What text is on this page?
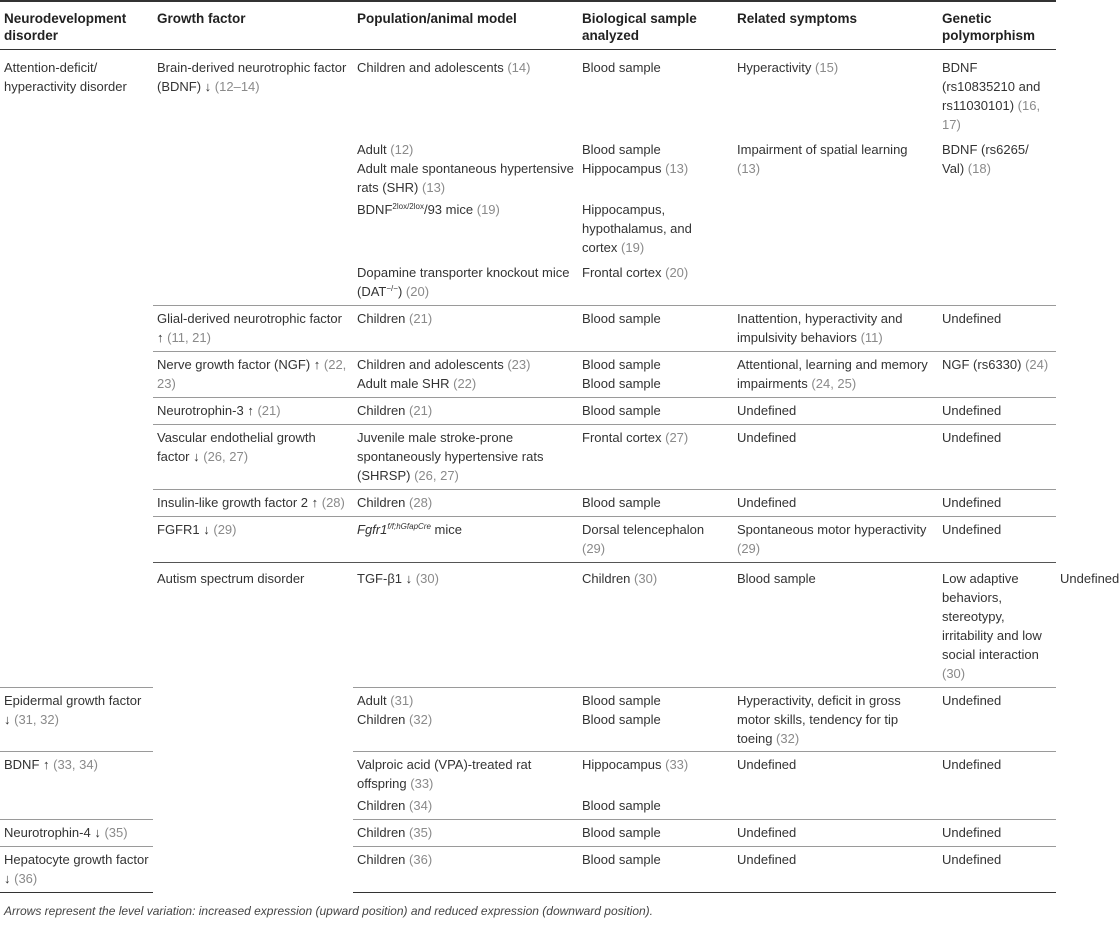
Neurodevelopment disorder	Growth factor	Population/animal model	Biological sample analyzed	Related symptoms	Genetic polymorphism	
Attention-deficit/ hyperactivity disorder	Brain-derived neurotrophic factor (BDNF) ↓ (12–14)	Children and adolescents (14)	Blood sample	Hyperactivity (15)	BDNF (rs10835210 and rs11030101) (16, 17)	
		Adult (12)	Blood sample	Impairment of spatial learning (13)	BDNF (rs6265/ Val) (18)	
		Adult male spontaneous hypertensive rats (SHR) (13)	Hippocampus (13)			
		$BDNF^{2lox/2lox}/93$ mice (19)	Hippocampus, hypothalamus, and cortex (19)			
		Dopamine transporter knockout mice (DAT−/−) (20)	Frontal cortex (20)			
	Glial-derived neurotrophic factor ↑ (11, 21)	Children (21)	Blood sample	Inattention, hyperactivity and impulsivity behaviors (11)	Undefined	
	Nerve growth factor (NGF) ↑ (22, 23)	Children and adolescents (23)	Blood sample	Attentional, learning and memory impairments (24, 25)	NGF (rs6330) (24)	
		Adult male SHR (22)	Blood sample			
	Neurotrophin-3 ↑ (21)	Children (21)	Blood sample	Undefined	Undefined	
	Vascular endothelial growth factor ↓ (26, 27)	Juvenile male stroke-prone spontaneously hypertensive rats (SHRSP) (26, 27)	Frontal cortex (27)	Undefined	Undefined	
	Insulin-like growth factor 2 ↑ (28)	Children (28)	Blood sample	Undefined	Undefined	
	FGFR1 ↓ (29)	$Fgfr1^{f/f;hGfapCre}$ mice	Dorsal telencephalon (29)	Spontaneous motor hyperactivity (29)	Undefined	
	Autism spectrum disorder	TGF-β1 ↓ (30)	Children (30)	Blood sample	Low adaptive behaviors, stereotypy, irritability and low social interaction (30)	Undefined
Epidermal growth factor ↓ (31, 32)		Adult (31)	Blood sample	Hyperactivity, deficit in gross motor skills, tendency for tip toeing (32)	Undefined	
		Children (32)	Blood sample			
BDNF ↑ (33, 34)		Valproic acid (VPA)-treated rat offspring (33)	Hippocampus (33)	Undefined	Undefined	
		Children (34)	Blood sample			
Neurotrophin-4 ↓ (35)		Children (35)	Blood sample	Undefined	Undefined	
Hepatocyte growth factor ↓ (36)		Children (36)	Blood sample	Undefined	Undefined	
Arrows represent the level variation: increased expression (upward position) and reduced expression (downward position).
